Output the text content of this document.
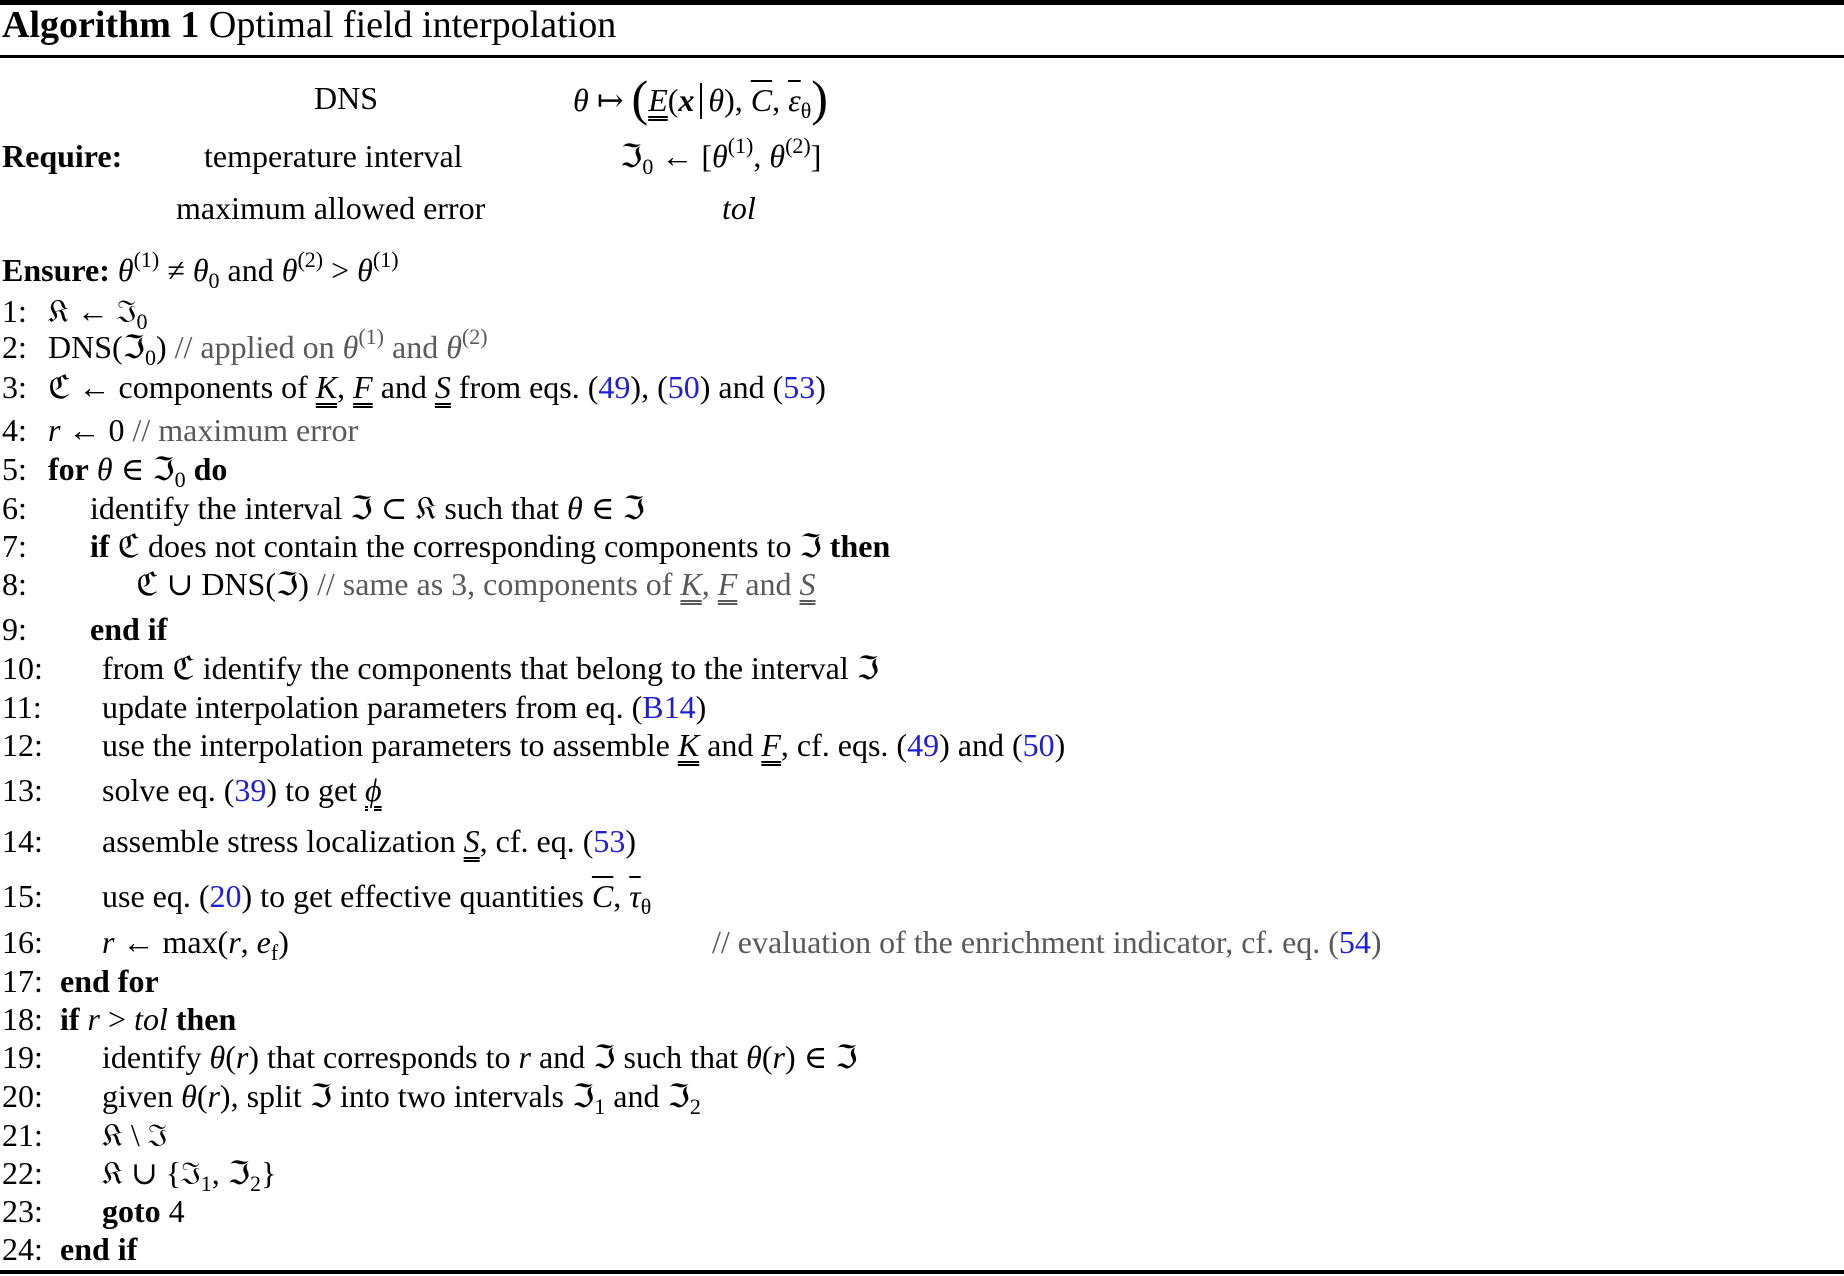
Algorithm 1 Optimal field interpolation
DNS	θ ↦ (E(x θ), $\overline{C}$, $\overline{\varepsilon}_\theta$)
Require:	temperature interval	ℑ$_0$ ← [$\theta^{(1)}$, $\theta^{(2)}$]
maximum allowed error	tol
Ensure: $\theta^{(1)} \ne \theta_0$ and $\theta^{(2)} > \theta^{(1)}$
1: 𝔎 ← ℑ$_0$
2: DNS(ℑ$_0$) // applied on $\theta^{(1)}$ and $\theta^{(2)}$
3: ℭ ← components of K, F and S from eqs. (49), (50) and (53)
4: r ← 0 // maximum error
5: for θ ∈ ℑ$_0$ do
6: identify the interval ℑ ⊂ 𝔎 such that θ ∈ ℑ
7: if ℭ does not contain the corresponding components to ℑ then
8:	ℭ ∪ DNS(ℑ) // same as 3, components of K, F and S
9: end if
10: from ℭ identify the components that belong to the interval ℑ
11: update interpolation parameters from eq. (B14)
12: use the interpolation parameters to assemble K and F, cf. eqs. (49) and (50)
13: solve eq. (39) to get ϕ
14: assemble stress localization S, cf. eq. (53)
15: use eq. (20) to get effective quantities $\overline{C}$, $\overline{\tau}_\theta$
16: r ← max(r, $e_f$)	// evaluation of the enrichment indicator, cf. eq. (54)
17: end for
18: if r > tol then
19: identify θ(r) that corresponds to r and ℑ such that θ(r) ∈ ℑ
20: given θ(r), split ℑ into two intervals ℑ$_1$ and ℑ$_2$
21: 𝔎 \ ℑ
22: 𝔎 ∪ {ℑ$_1$, ℑ$_2$}
23: goto 4
24: end if
